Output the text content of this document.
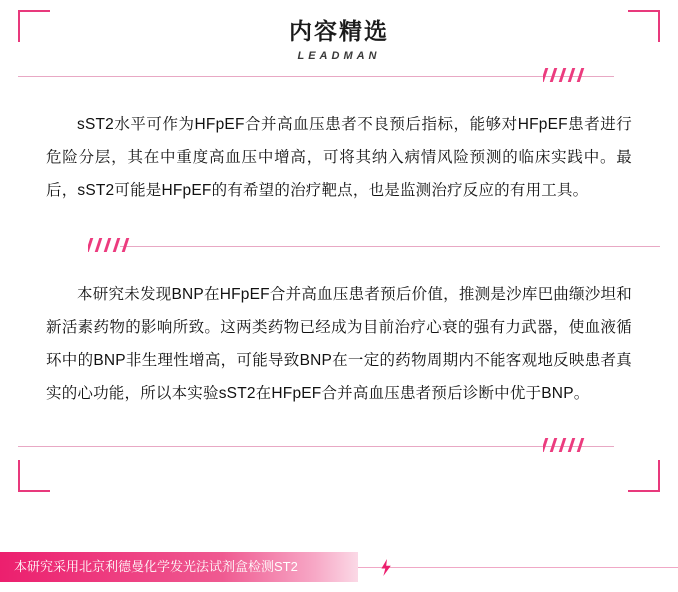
内容精选
LEADMAN
sST2水平可作为HFpEF合并高血压患者不良预后指标，能够对HFpEF患者进行危险分层，其在中重度高血压中增高，可将其纳入病情风险预测的临床实践中。最后，sST2可能是HFpEF的有希望的治疗靶点，也是监测治疗反应的有用工具。
本研究未发现BNP在HFpEF合并高血压患者预后价值，推测是沙库巴曲缬沙坦和新活素药物的影响所致。这两类药物已经成为目前治疗心衰的强有力武器，使血液循环中的BNP非生理性增高，可能导致BNP在一定的药物周期内不能客观地反映患者真实的心功能，所以本实验sST2在HFpEF合并高血压患者预后诊断中优于BNP。
本研究采用北京利德曼化学发光法试剂盒检测ST2
